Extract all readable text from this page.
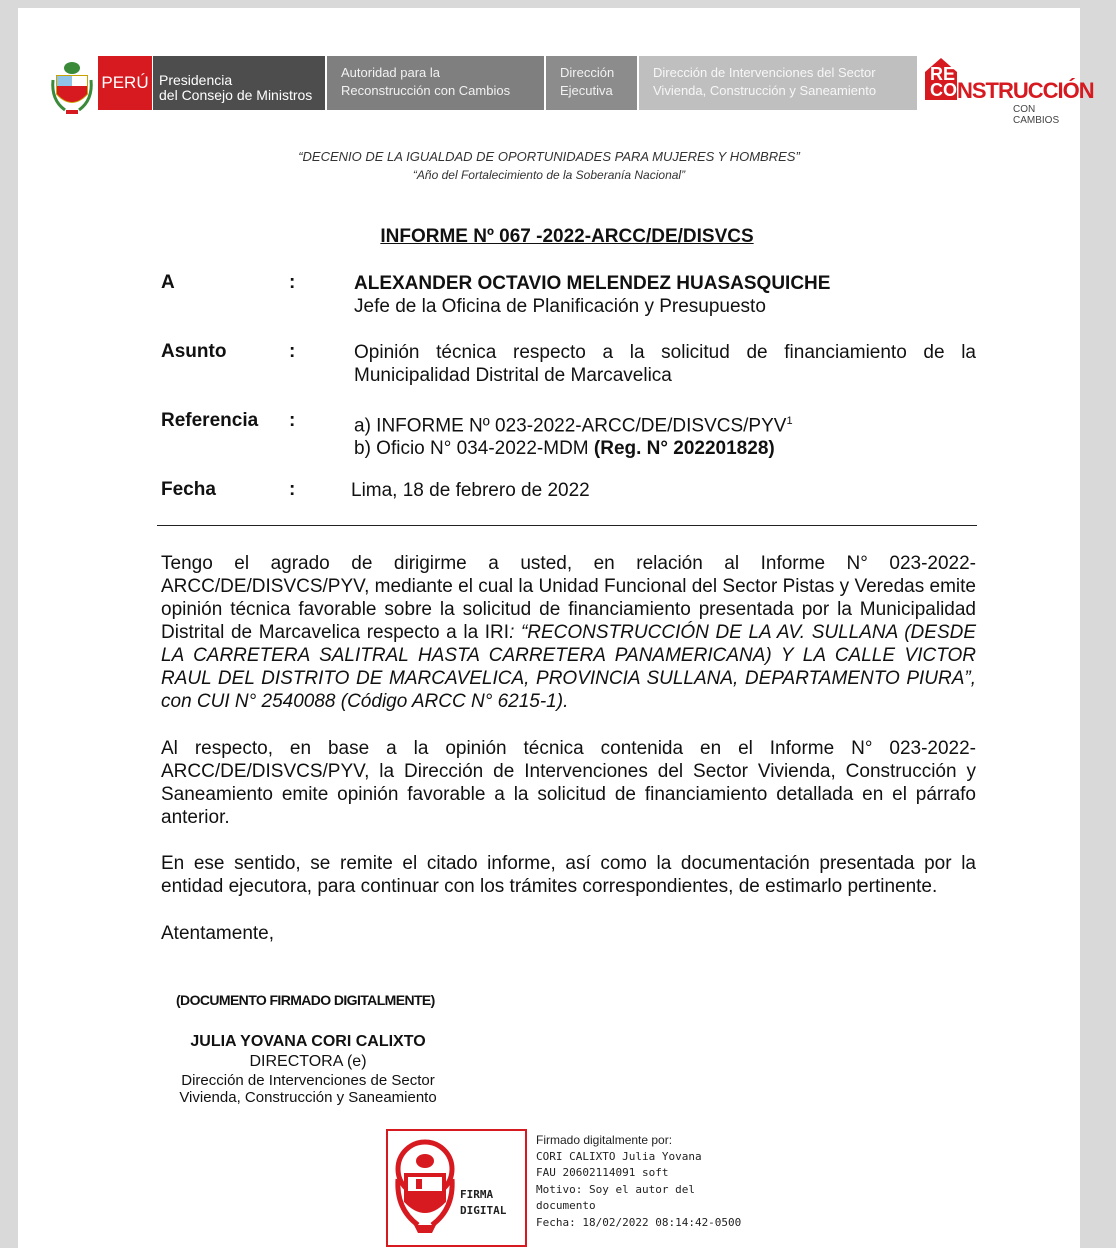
PERÚ Presidencia
del Consejo de Ministros
Autoridad para la
Reconstrucción con Cambios
Dirección
Ejecutiva
Dirección de Intervenciones del Sector
Vivienda, Construcción y Saneamiento
RE
CO NSTRUCCIÓN
CON CAMBIOS
“DECENIO DE LA IGUALDAD DE OPORTUNIDADES PARA MUJERES Y HOMBRES”
“Año del Fortalecimiento de la Soberanía Nacional”
INFORME Nº 067 -2022-ARCC/DE/DISVCS
A	:	ALEXANDER OCTAVIO MELENDEZ HUASASQUICHE
Jefe de la Oficina de Planificación y Presupuesto
Asunto	:	Opinión técnica respecto a la solicitud de financiamiento de la Municipalidad Distrital de Marcavelica
Referencia :	a) INFORME Nº 023-2022-ARCC/DE/DISVCS/PYV$^1$
b) Oficio N° 034-2022-MDM (Reg. N° 202201828)
Fecha	:	Lima, 18 de febrero de 2022
Tengo el agrado de dirigirme a usted, en relación al Informe N° 023-2022-ARCC/DE/DISVCS/PYV, mediante el cual la Unidad Funcional del Sector Pistas y Veredas emite opinión técnica favorable sobre la solicitud de financiamiento presentada por la Municipalidad Distrital de Marcavelica respecto a la IRI: “RECONSTRUCCIÓN DE LA AV. SULLANA (DESDE LA CARRETERA SALITRAL HASTA CARRETERA PANAMERICANA) Y LA CALLE VICTOR RAUL DEL DISTRITO DE MARCAVELICA, PROVINCIA SULLANA, DEPARTAMENTO PIURA”, con CUI N° 2540088 (Código ARCC N° 6215-1).
Al respecto, en base a la opinión técnica contenida en el Informe N° 023-2022-ARCC/DE/DISVCS/PYV, la Dirección de Intervenciones del Sector Vivienda, Construcción y Saneamiento emite opinión favorable a la solicitud de financiamiento detallada en el párrafo anterior.
En ese sentido, se remite el citado informe, así como la documentación presentada por la entidad ejecutora, para continuar con los trámites correspondientes, de estimarlo pertinente.
Atentamente,
(DOCUMENTO FIRMADO DIGITALMENTE)
JULIA YOVANA CORI CALIXTO
DIRECTORA (e)
Dirección de Intervenciones de Sector
Vivienda, Construcción y Saneamiento
FIRMA
DIGITAL
Firmado digitalmente por:
CORI CALIXTO Julia Yovana
FAU 20602114091 soft
Motivo: Soy el autor del
documento
Fecha: 18/02/2022 08:14:42-0500
